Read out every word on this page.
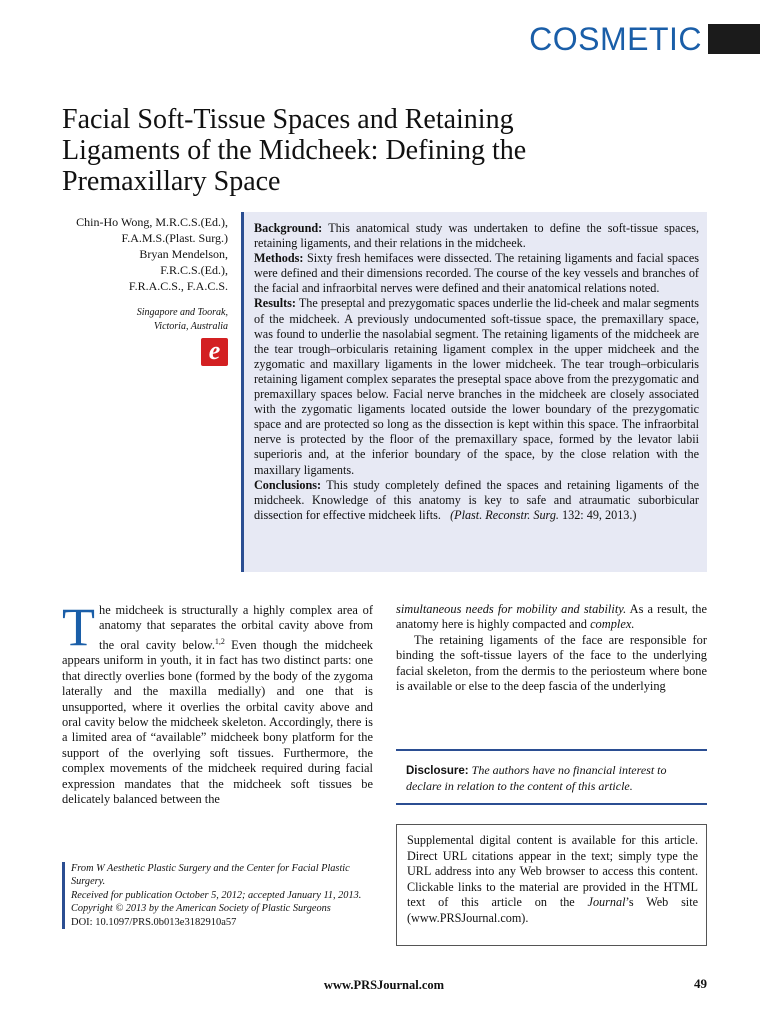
COSMETIC
Facial Soft-Tissue Spaces and Retaining Ligaments of the Midcheek: Defining the Premaxillary Space
Chin-Ho Wong, M.R.C.S.(Ed.),
F.A.M.S.(Plast. Surg.)
Bryan Mendelson,
F.R.C.S.(Ed.),
F.R.A.C.S., F.A.C.S.
Singapore and Toorak,
Victoria, Australia
e

Background: This anatomical study was undertaken to define the soft-tissue spaces, retaining ligaments, and their relations in the midcheek.

Methods: Sixty fresh hemifaces were dissected. The retaining ligaments and facial spaces were defined and their dimensions recorded. The course of the key vessels and branches of the facial and infraorbital nerves were defined and their anatomical relations noted.

Results: The preseptal and prezygomatic spaces underlie the lid-cheek and malar segments of the midcheek. A previously undocumented soft-tissue space, the premaxillary space, was found to underlie the nasolabial segment. The retaining ligaments of the midcheek are the tear trough–orbicularis retaining ligament complex in the upper midcheek and the zygomatic and maxillary ligaments in the lower midcheek. The tear trough–orbicularis retaining ligament complex separates the preseptal space above from the prezygomatic and premaxillary spaces below. Facial nerve branches in the midcheek are closely associated with the zygomatic ligaments located outside the lower boundary of the prezygomatic space and are protected so long as the dissection is kept within this space. The infraorbital nerve is protected by the floor of the premaxillary space, formed by the levator labii superioris and, at the inferior boundary of the space, by the close relation with the maxillary ligaments.

Conclusions: This study completely defined the spaces and retaining ligaments of the midcheek. Knowledge of this anatomy is key to safe and atraumatic suborbicular dissection for effective midcheek lifts. (Plast. Reconstr. Surg. 132: 49, 2013.)

The midcheek is structurally a highly complex area of anatomy that separates the orbital cavity above from the oral cavity below.$^{1,2}$ Even though the midcheek appears uniform in youth, it in fact has two distinct parts: one that directly overlies bone (formed by the body of the zygoma laterally and the maxilla medially) and one that is unsupported, where it overlies the orbital cavity above and oral cavity below the midcheek skeleton. Accordingly, there is a limited area of “available” midcheek bony platform for the support of the overlying soft tissues. Furthermore, the complex movements of the midcheek required during facial expression mandates that the midcheek soft tissues be delicately balanced between the

simultaneous needs for mobility and stability. As a result, the anatomy here is highly compacted and complex.

The retaining ligaments of the face are responsible for binding the soft-tissue layers of the face to the underlying facial skeleton, from the dermis to the periosteum where bone is available or else to the deep fascia of the underlying

Disclosure: The authors have no financial interest to declare in relation to the content of this article.
Supplemental digital content is available for this article. Direct URL citations appear in the text; simply type the URL address into any Web browser to access this content. Clickable links to the material are provided in the HTML text of this article on the Journal’s Web site (www.PRSJournal.com).
From W Aesthetic Plastic Surgery and the Center for Facial Plastic Surgery.
Received for publication October 5, 2012; accepted January 11, 2013.
Copyright © 2013 by the American Society of Plastic Surgeons
DOI: 10.1097/PRS.0b013e3182910a57
www.PRSJournal.com	49
